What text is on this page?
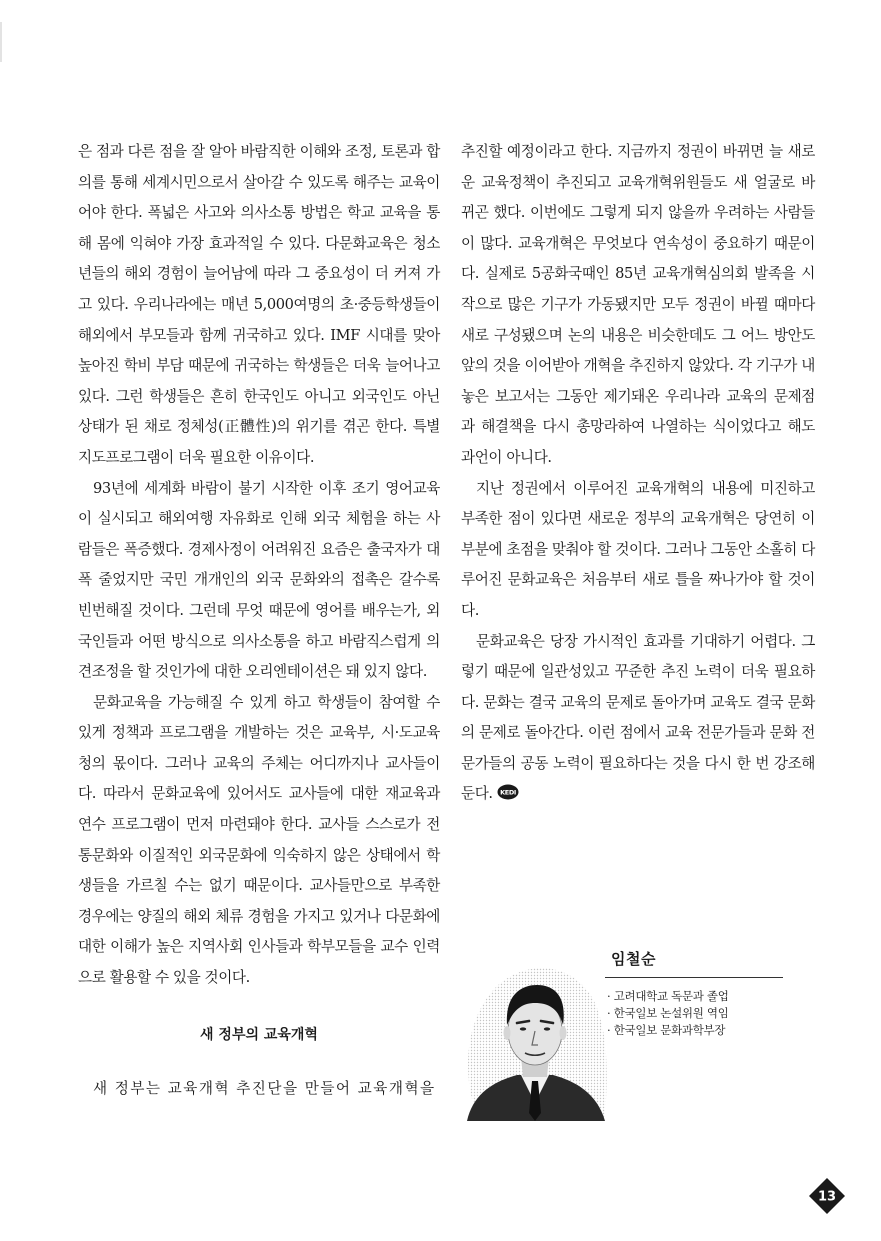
은 점과 다른 점을 잘 알아 바람직한 이해와 조정, 토론과 합의를 통해 세계시민으로서 살아갈 수 있도록 해주는 교육이어야 한다. 폭넓은 사고와 의사소통 방법은 학교 교육을 통해 몸에 익혀야 가장 효과적일 수 있다. 다문화교육은 청소년들의 해외 경험이 늘어남에 따라 그 중요성이 더 커져 가고 있다. 우리나라에는 매년 5,000여명의 초·중등학생들이 해외에서 부모들과 함께 귀국하고 있다. IMF 시대를 맞아 높아진 학비 부담 때문에 귀국하는 학생들은 더욱 늘어나고 있다. 그런 학생들은 흔히 한국인도 아니고 외국인도 아닌 상태가 된 채로 정체성(正體性)의 위기를 겪곤 한다. 특별 지도프로그램이 더욱 필요한 이유이다.

93년에 세계화 바람이 불기 시작한 이후 조기 영어교육이 실시되고 해외여행 자유화로 인해 외국 체험을 하는 사람들은 폭증했다. 경제사정이 어려워진 요즘은 출국자가 대폭 줄었지만 국민 개개인의 외국 문화와의 접촉은 갈수록 빈번해질 것이다. 그런데 무엇 때문에 영어를 배우는가, 외국인들과 어떤 방식으로 의사소통을 하고 바람직스럽게 의견조정을 할 것인가에 대한 오리엔테이션은 돼 있지 않다.

문화교육을 가능해질 수 있게 하고 학생들이 참여할 수 있게 정책과 프로그램을 개발하는 것은 교육부, 시·도교육청의 몫이다. 그러나 교육의 주체는 어디까지나 교사들이다. 따라서 문화교육에 있어서도 교사들에 대한 재교육과 연수 프로그램이 먼저 마련돼야 한다. 교사들 스스로가 전통문화와 이질적인 외국문화에 익숙하지 않은 상태에서 학생들을 가르칠 수는 없기 때문이다. 교사들만으로 부족한 경우에는 양질의 해외 체류 경험을 가지고 있거나 다문화에 대한 이해가 높은 지역사회 인사들과 학부모들을 교수 인력으로 활용할 수 있을 것이다.

새 정부의 교육개혁

새 정부는 교육개혁 추진단을 만들어 교육개혁을

추진할 예정이라고 한다. 지금까지 정권이 바뀌면 늘 새로운 교육정책이 추진되고 교육개혁위원들도 새 얼굴로 바뀌곤 했다. 이번에도 그렇게 되지 않을까 우려하는 사람들이 많다. 교육개혁은 무엇보다 연속성이 중요하기 때문이다. 실제로 5공화국때인 85년 교육개혁심의회 발족을 시작으로 많은 기구가 가동됐지만 모두 정권이 바뀔 때마다 새로 구성됐으며 논의 내용은 비슷한데도 그 어느 방안도 앞의 것을 이어받아 개혁을 추진하지 않았다. 각 기구가 내놓은 보고서는 그동안 제기돼온 우리나라 교육의 문제점과 해결책을 다시 총망라하여 나열하는 식이었다고 해도 과언이 아니다.

지난 정권에서 이루어진 교육개혁의 내용에 미진하고 부족한 점이 있다면 새로운 정부의 교육개혁은 당연히 이 부분에 초점을 맞춰야 할 것이다. 그러나 그동안 소홀히 다루어진 문화교육은 처음부터 새로 틀을 짜나가야 할 것이다.

문화교육은 당장 가시적인 효과를 기대하기 어렵다. 그렇기 때문에 일관성있고 꾸준한 추진 노력이 더욱 필요하다. 문화는 결국 교육의 문제로 돌아가며 교육도 결국 문화의 문제로 돌아간다. 이런 점에서 교육 전문가들과 문화 전문가들의 공동 노력이 필요하다는 것을 다시 한 번 강조해 둔다. KEDI

임철순
· 고려대학교 독문과 졸업
· 한국일보 논설위원 역임
· 한국일보 문화과학부장
13
